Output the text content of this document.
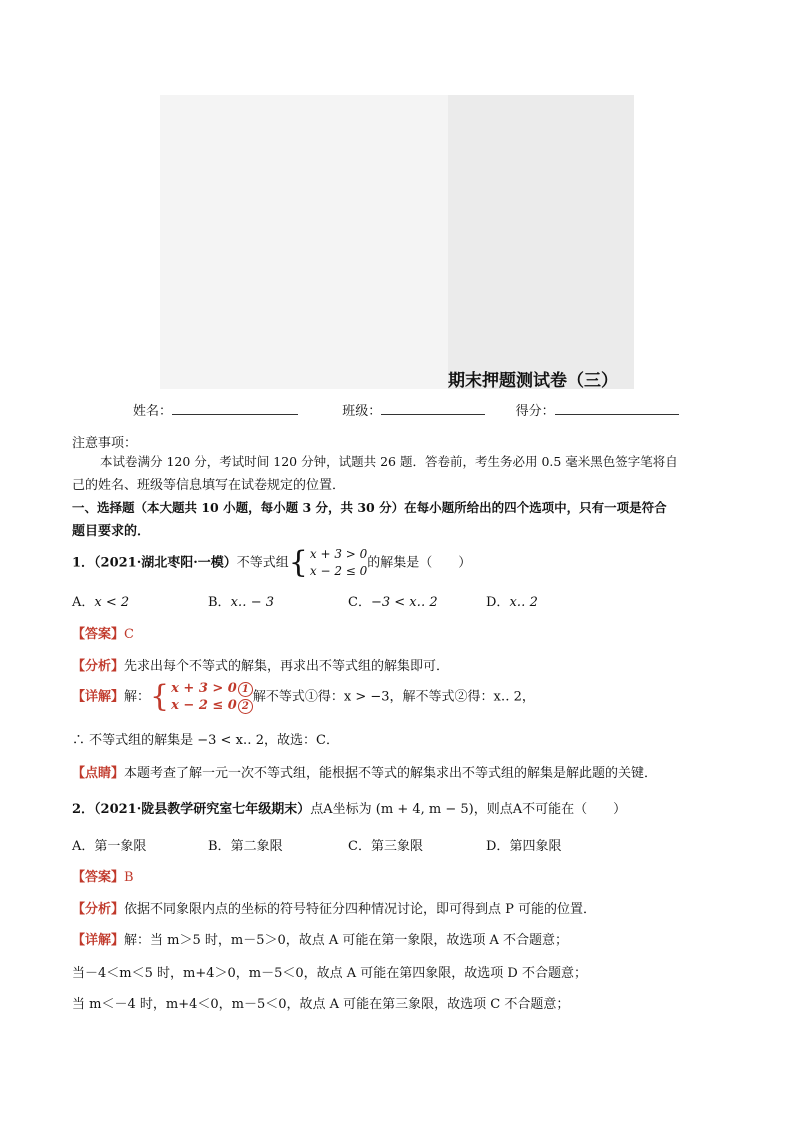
期末押题测试卷（三）
姓名：	班级：	得分：
注意事项：
本试卷满分 120 分，考试时间 120 分钟，试题共 26 题．答卷前，考生务必用 0.5 毫米黑色签字笔将自
己的姓名、班级等信息填写在试卷规定的位置．
一、选择题（本大题共 10 小题，每小题 3 分，共 30 分）在每小题所给出的四个选项中，只有一项是符合
题目要求的．
1．（2021·湖北枣阳·一模）不等式组{ x + 3 > 0
x − 2 ≤ 0的解集是（　　）
A．x < 2	B．x‥ − 3	C．−3 < x‥ 2	D．x‥ 2
【答案】C
【分析】先求出每个不等式的解集，再求出不等式组的解集即可．
【详解】解：{ x + 3 > 0 1
x − 2 ≤ 0 2解不等式①得：x > −3，解不等式②得：x‥ 2，
∴ 不等式组的解集是 −3 < x‥ 2，故选：C．
【点睛】本题考查了解一元一次不等式组，能根据不等式的解集求出不等式组的解集是解此题的关键．
2．（2021·陇县教学研究室七年级期末）点A坐标为 (m + 4, m − 5)，则点A不可能在（　　）
A．第一象限	B．第二象限	C．第三象限	D．第四象限
【答案】B
【分析】依据不同象限内点的坐标的符号特征分四种情况讨论，即可得到点 P 可能的位置．
【详解】解：当 m＞5 时，m－5＞0，故点 A 可能在第一象限，故选项 A 不合题意；
当－4＜m＜5 时，m+4＞0，m－5＜0，故点 A 可能在第四象限，故选项 D 不合题意；
当 m＜－4 时，m+4＜0，m－5＜0，故点 A 可能在第三象限，故选项 C 不合题意；
